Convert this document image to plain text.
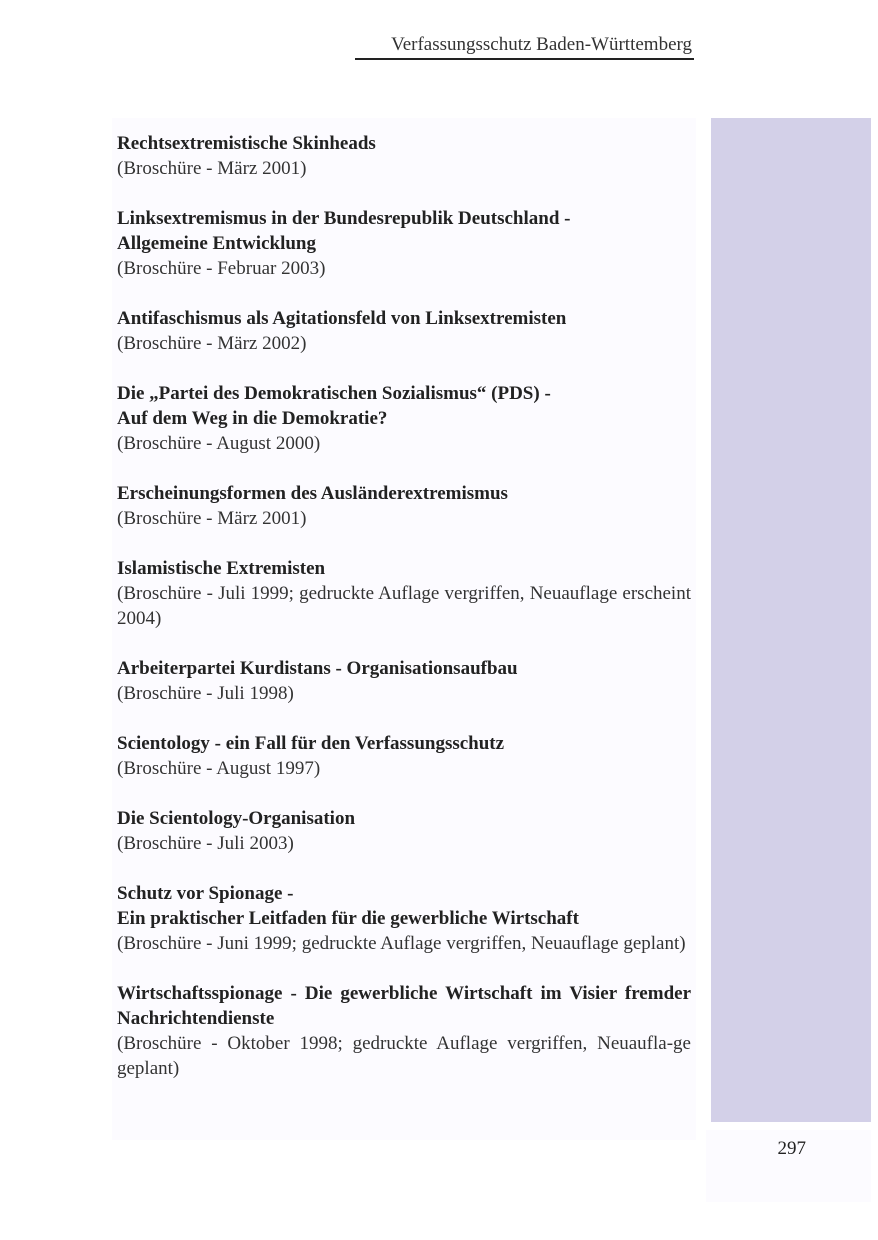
Verfassungsschutz Baden-Württemberg
Rechtsextremistische Skinheads
(Broschüre - März 2001)
Linksextremismus in der Bundesrepublik Deutschland -
Allgemeine Entwicklung
(Broschüre - Februar 2003)
Antifaschismus als Agitationsfeld von Linksextremisten
(Broschüre - März 2002)
Die „Partei des Demokratischen Sozialismus“ (PDS) -
Auf dem Weg in die Demokratie?
(Broschüre - August 2000)
Erscheinungsformen des Ausländerextremismus
(Broschüre - März 2001)
Islamistische Extremisten
(Broschüre - Juli 1999; gedruckte Auflage vergriffen, Neuauflage erscheint 2004)
Arbeiterpartei Kurdistans - Organisationsaufbau
(Broschüre - Juli 1998)
Scientology - ein Fall für den Verfassungsschutz
(Broschüre - August 1997)
Die Scientology-Organisation
(Broschüre - Juli 2003)
Schutz vor Spionage -
Ein praktischer Leitfaden für die gewerbliche Wirtschaft
(Broschüre - Juni 1999; gedruckte Auflage vergriffen, Neuauflage geplant)
Wirtschaftsspionage - Die gewerbliche Wirtschaft im Visier fremder Nachrichtendienste
(Broschüre - Oktober 1998; gedruckte Auflage vergriffen, Neuaufla-ge geplant)
297
